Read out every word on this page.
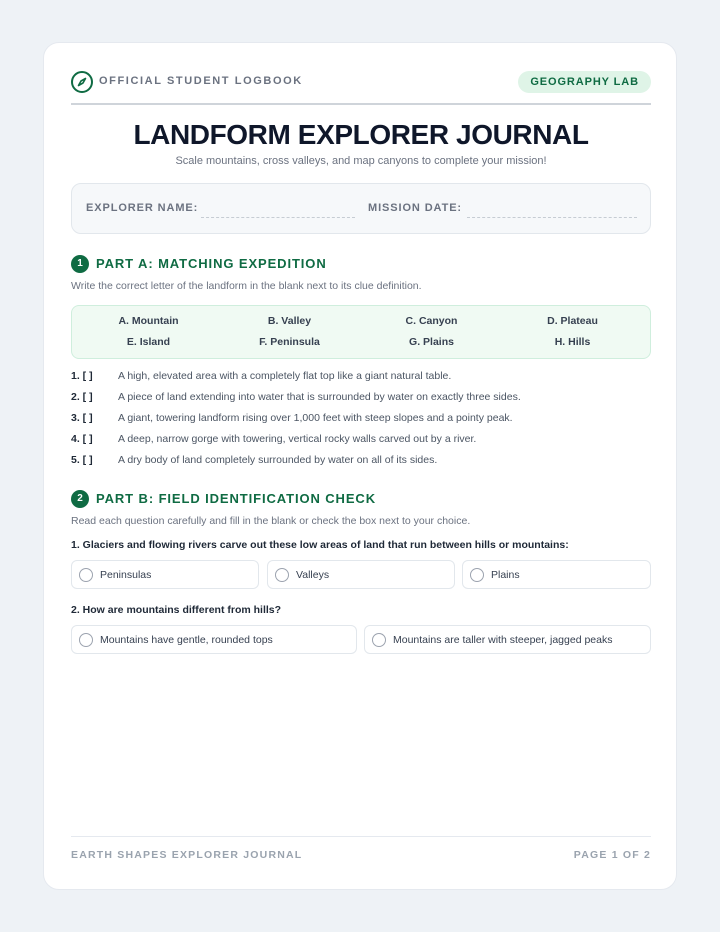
OFFICIAL STUDENT LOGBOOK	GEOGRAPHY LAB
LANDFORM EXPLORER JOURNAL
Scale mountains, cross valleys, and map canyons to complete your mission!
EXPLORER NAME:	MISSION DATE:
1	PART A: MATCHING EXPEDITION
Write the correct letter of the landform in the blank next to its clue definition.
A. Mountain	B. Valley	C. Canyon	D. Plateau
E. Island	F. Peninsula	G. Plains	H. Hills
1. [ ] A high, elevated area with a completely flat top like a giant natural table.
2. [ ] A piece of land extending into water that is surrounded by water on exactly three sides.
3. [ ] A giant, towering landform rising over 1,000 feet with steep slopes and a pointy peak.
4. [ ] A deep, narrow gorge with towering, vertical rocky walls carved out by a river.
5. [ ] A dry body of land completely surrounded by water on all of its sides.
2	PART B: FIELD IDENTIFICATION CHECK
Read each question carefully and fill in the blank or check the box next to your choice.
1. Glaciers and flowing rivers carve out these low areas of land that run between hills or mountains:
Peninsulas	Valleys	Plains
2. How are mountains different from hills?
Mountains have gentle, rounded tops	Mountains are taller with steeper, jagged peaks
EARTH SHAPES EXPLORER JOURNAL	PAGE 1 OF 2
